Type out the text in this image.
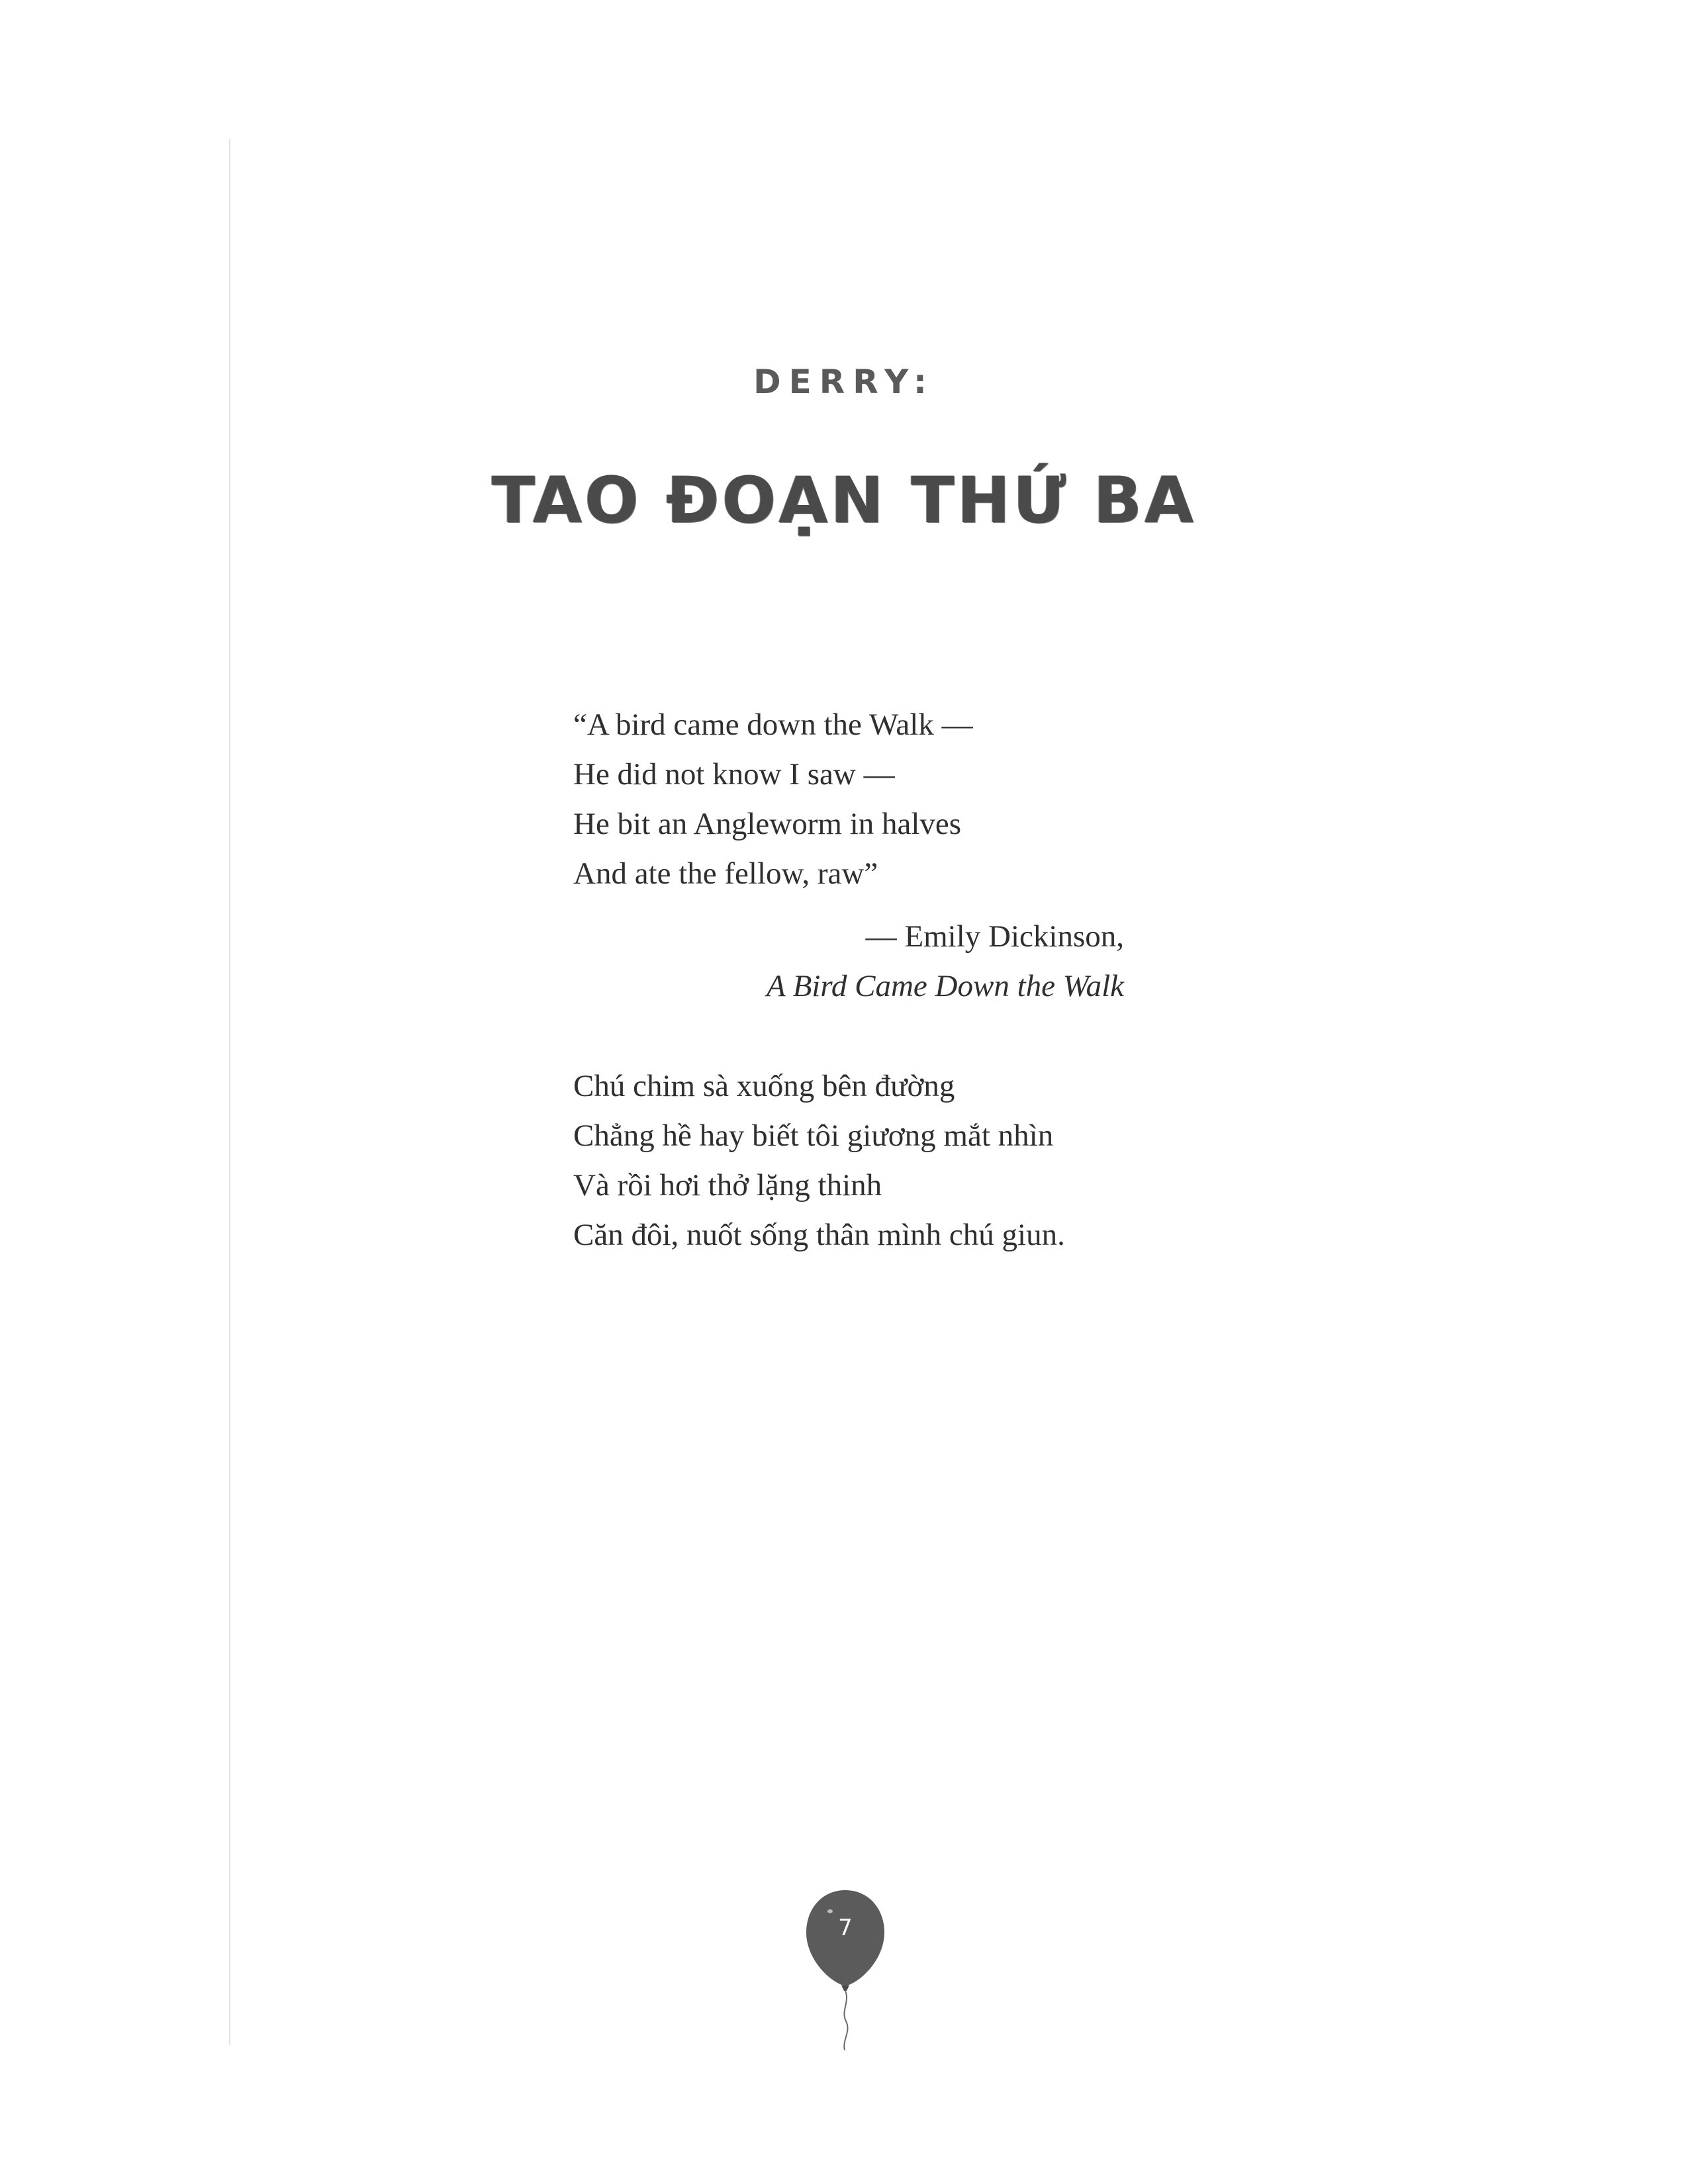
DERRY:
TAO ĐOẠN THỨ BA
“A bird came down the Walk —
He did not know I saw —
He bit an Angleworm in halves
And ate the fellow, raw”
— Emily Dickinson,
A Bird Came Down the Walk
Chú chim sà xuống bên đường
Chẳng hề hay biết tôi giương mắt nhìn
Và rồi hơi thở lặng thinh
Căn đôi, nuốt sống thân mình chú giun.
7
